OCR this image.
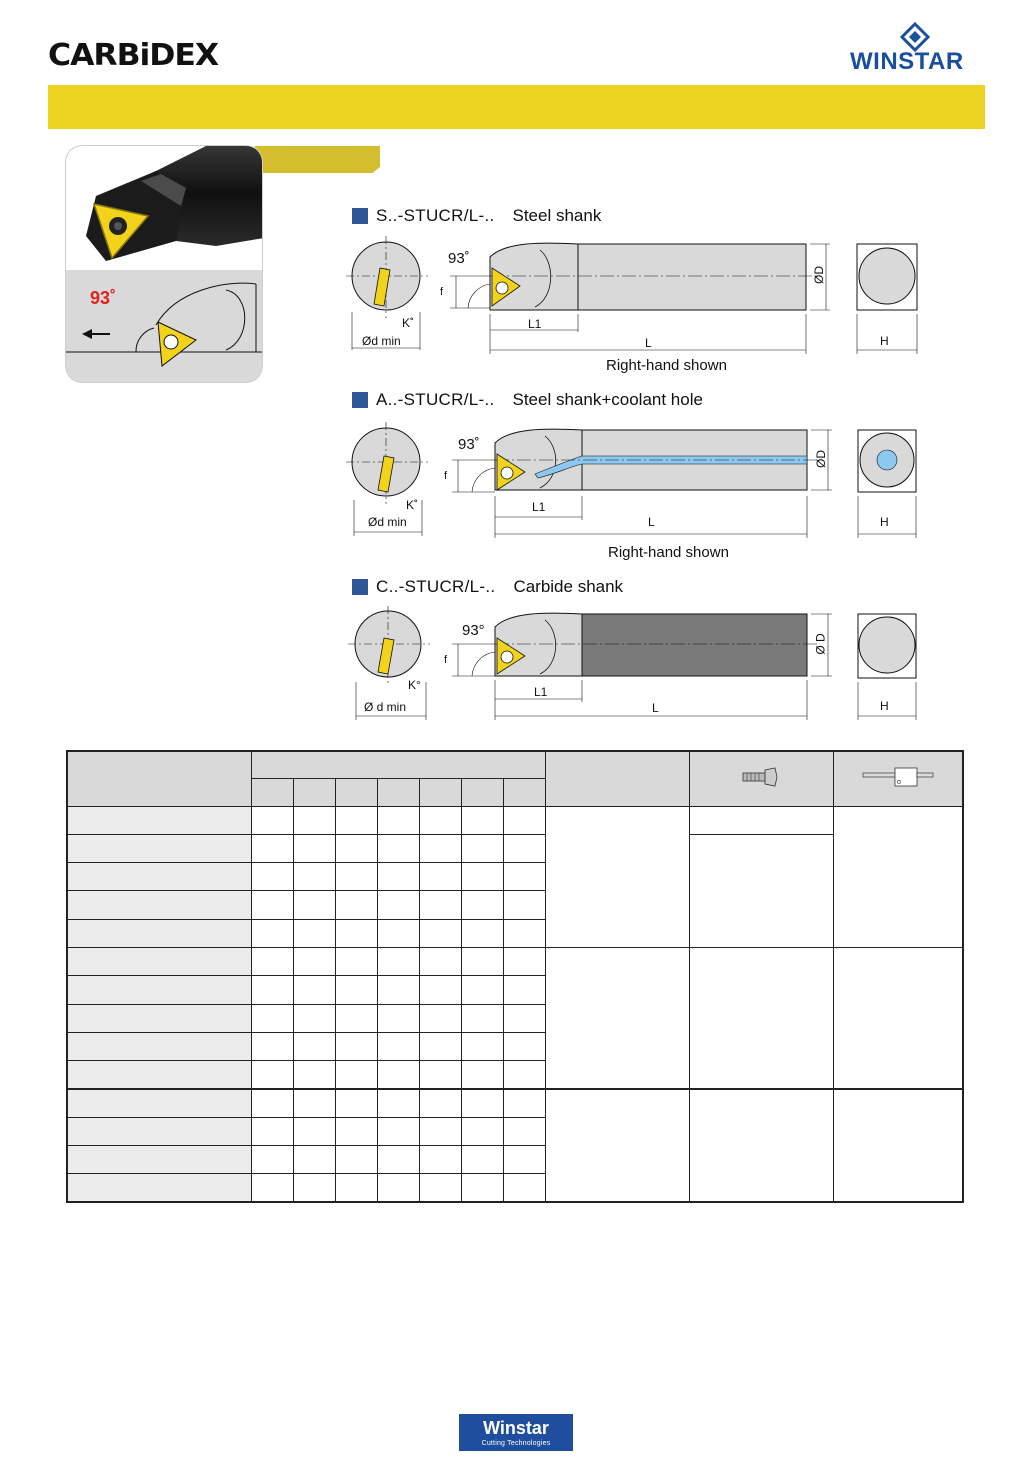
CARBiDEX	WINSTAR
93˚
S..-STUCR/L-.. Steel shank
93˚
f
K˚
Ød min
L1
L
ØD
H
Right-hand shown
A..-STUCR/L-.. Steel shank+coolant hole
93˚
f
K˚
Ød min
L1
L
ØD
H
Right-hand shown
C..-STUCR/L-.. Carbide shank
93°
f
K°
Ø d min
L1
L
Ø D
H

Winstar
Cutting Technologies
